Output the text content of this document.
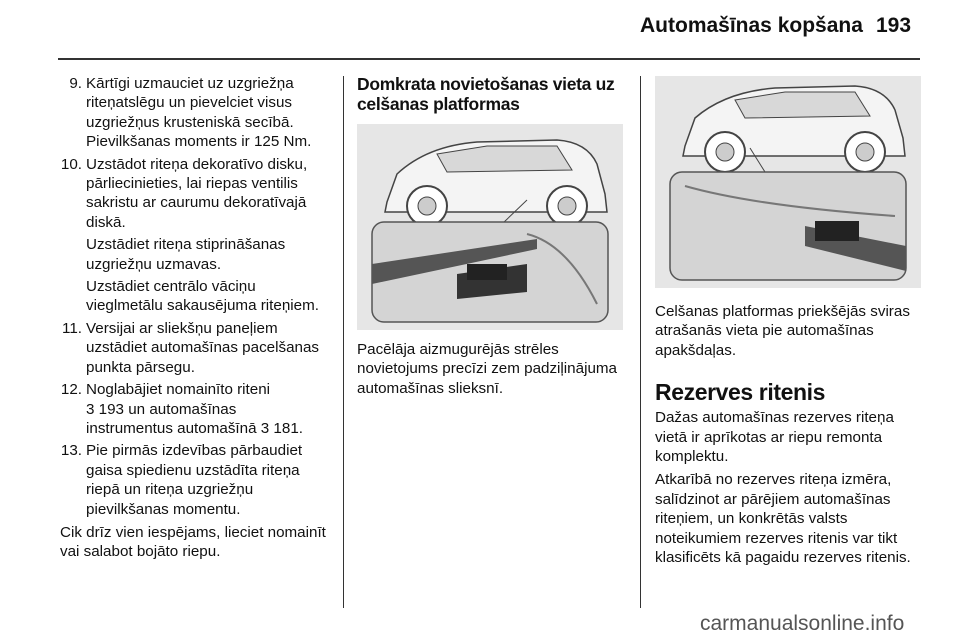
Automašīnas kopšana 193
9. Kārtīgi uzmauciet uz uzgriežņa riteņatslēgu un pievelciet visus uzgriežņus krusteniskā secībā. Pievilkšanas moments ir 125 Nm.
10. Uzstādot riteņa dekoratīvo disku, pārliecinieties, lai riepas ventilis sakristu ar caurumu dekoratīvajā diskā.
Uzstādiet riteņa stiprināšanas uzgriežņu uzmavas.
Uzstādiet centrālo vāciņu vieglmetālu sakausējuma riteņiem.
11. Versijai ar sliekšņu paneļiem uzstādiet automašīnas pacelšanas punkta pārsegu.
12. Noglabājiet nomainīto riteni
3 193 un automašīnas
instrumentus automašīnā 3 181.
13. Pie pirmās izdevības pārbaudiet gaisa spiedienu uzstādīta riteņa riepā un riteņa uzgriežņu pievilkšanas momentu.
Cik drīz vien iespējams, lieciet nomainīt vai salabot bojāto riepu.
Domkrata novietošanas vieta uz celšanas platformas
Pacēlāja aizmugurējās strēles novietojums precīzi zem padziļinājuma automašīnas slieksnī.
Celšanas platformas priekšējās sviras atrašanās vieta pie automašīnas apakšdaļas.
Rezerves ritenis
Dažas automašīnas rezerves riteņa vietā ir aprīkotas ar riepu remonta komplektu.
Atkarībā no rezerves riteņa izmēra, salīdzinot ar pārējiem automašīnas riteņiem, un konkrētās valsts noteikumiem rezerves ritenis var tikt klasificēts kā pagaidu rezerves ritenis.
carmanualsonline.info
